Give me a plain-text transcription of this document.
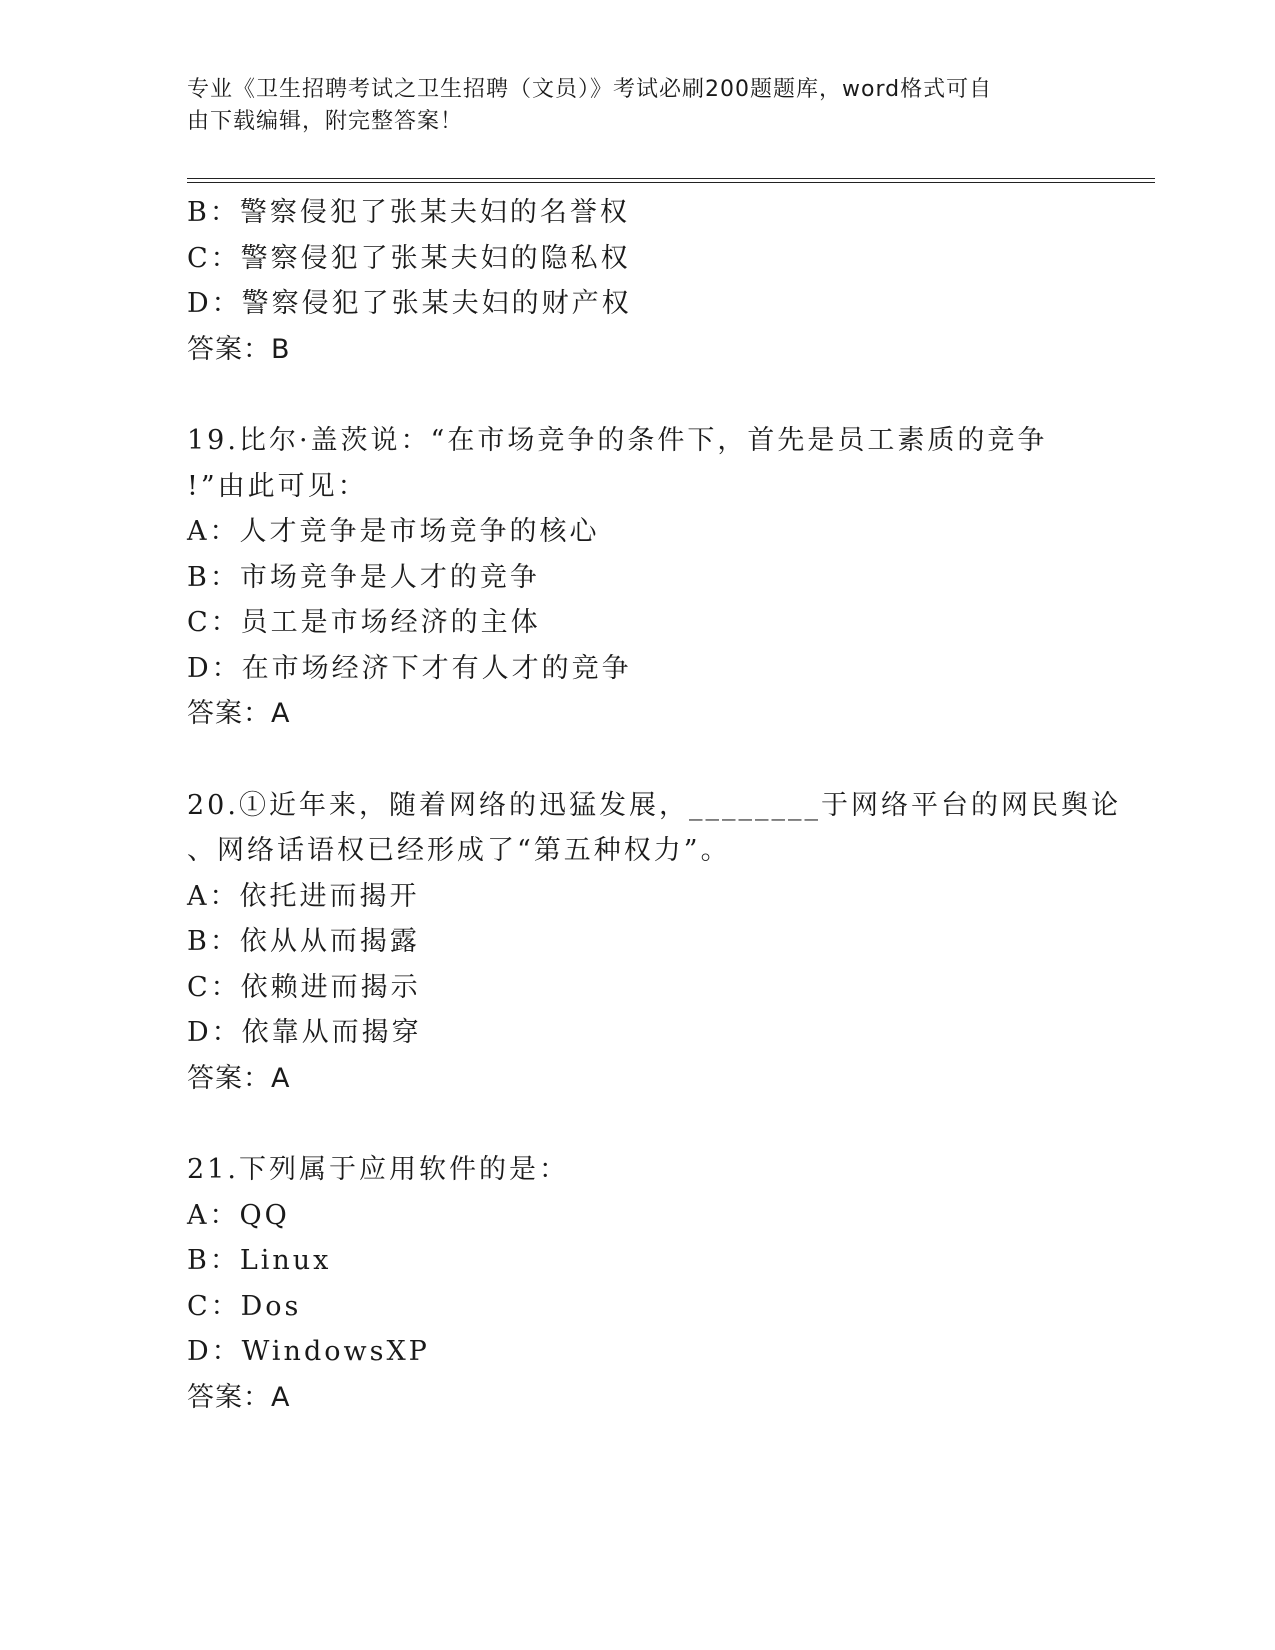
专业《卫生招聘考试之卫生招聘（文员）》考试必刷200题题库，word格式可自
由下载编辑，附完整答案！
B：警察侵犯了张某夫妇的名誉权
C：警察侵犯了张某夫妇的隐私权
D：警察侵犯了张某夫妇的财产权
答案：B
19.比尔·盖茨说：“在市场竞争的条件下，首先是员工素质的竞争
!”由此可见：
A：人才竞争是市场竞争的核心
B：市场竞争是人才的竞争
C：员工是市场经济的主体
D：在市场经济下才有人才的竞争
答案：A
20.①近年来，随着网络的迅猛发展，________于网络平台的网民舆论
、网络话语权已经形成了“第五种权力”。
A：依托进而揭开
B：依从从而揭露
C：依赖进而揭示
D：依靠从而揭穿
答案：A
21.下列属于应用软件的是：
A：QQ
B：Linux
C：Dos
D：WindowsXP
答案：A
